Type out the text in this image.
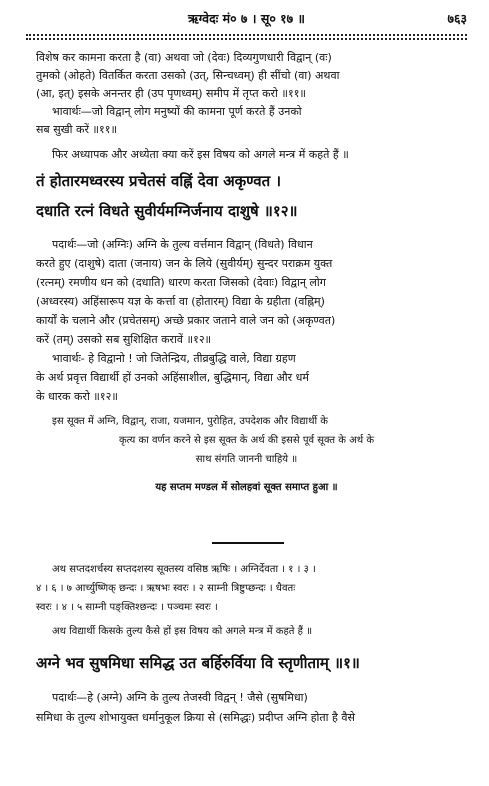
ऋग्वेदः मं० ७ । सू० १७ ॥	७६३
विशेष कर कामना करता है (वा) अथवा जो (देवः) दिव्यगुणधारी विद्वान् (वः)
तुमको (ओहते) वितर्कित करता उसको (उत्, सिन्चध्वम्) ही सींचो (वा) अथवा
(आ, इत्) इसके अनन्तर ही (उप पृणध्वम्) समीप में तृप्त करो ॥११॥
भावार्थः—जो विद्वान् लोग मनुष्यों की कामना पूर्ण करते हैं उनको
सब सुखी करें ॥११॥
फिर अध्यापक और अध्येता क्या करें इस विषय को अगले मन्त्र में कहते हैं ॥
तं होतारमध्वरस्य प्रचेतसं वह्निं देवा अकृण्वत ।
दधाति रत्नं विधते सुवीर्यमग्निर्जनाय दाशुषे ॥१२॥
पदार्थः—जो (अग्निः) अग्नि के तुल्य वर्त्तमान विद्वान् (विधते) विधान
करते हुए (दाशुषे) दाता (जनाय) जन के लिये (सुवीर्यम्) सुन्दर पराक्रम युक्त
(रत्नम्) रमणीय धन को (दधाति) धारण करता जिसको (देवाः) विद्वान् लोग
(अध्वरस्य) अहिंसारूप यज्ञ के कर्त्ता वा (होतारम्) विद्या के ग्रहीता (वह्निम्)
कार्यों के चलाने और (प्रचेतसम्) अच्छे प्रकार जताने वाले जन को (अकृण्वत)
करें (तम्) उसको सब सुशिक्षित करावें ॥१२॥
भावार्थः- हे विद्वानो ! जो जितेन्द्रिय, तीव्रबुद्धि वाले, विद्या ग्रहण
के अर्थ प्रवृत्त विद्यार्थी हों उनको अहिंसाशील, बुद्धिमान्, विद्या और धर्म
के धारक करो ॥१२॥
इस सूक्त में अग्नि, विद्वान्, राजा, यजमान, पुरोहित, उपदेशक और विद्यार्थी के
कृत्य का वर्णन करने से इस सूक्त के अर्थ की इससे पूर्व सूक्त के अर्थ के
साथ संगति जाननी चाहिये ॥
यह सप्तम मण्डल में सोलहवां सूक्त समाप्त हुआ ॥
अथ सप्तदशर्चस्य सप्तदशस्य सूक्तस्य वसिष्ठ ऋषिः । अग्निर्देवता । १ । ३ ।
४ । ६ । ७ आर्च्युष्णिक् छन्दः । ऋषभः स्वरः । २ साम्नी त्रिष्टुप्छन्दः । धैवतः
स्वरः । ४ । ५ साम्नी पङ्क्तिश्छन्दः । पञ्चमः स्वरः ।
अथ विद्यार्थी किसके तुल्य कैसे हों इस विषय को अगले मन्त्र में कहते हैं ॥
अग्ने भव सुषमिधा समिद्ध उत बर्हिरुर्विया वि स्तृणीताम् ॥१॥
पदार्थः—हे (अग्ने) अग्नि के तुल्य तेजस्वी विद्वन् ! जैसे (सुषमिधा)
समिधा के तुल्य शोभायुक्त धर्मानुकूल क्रिया से (समिद्धः) प्रदीप्त अग्नि होता है वैसे
